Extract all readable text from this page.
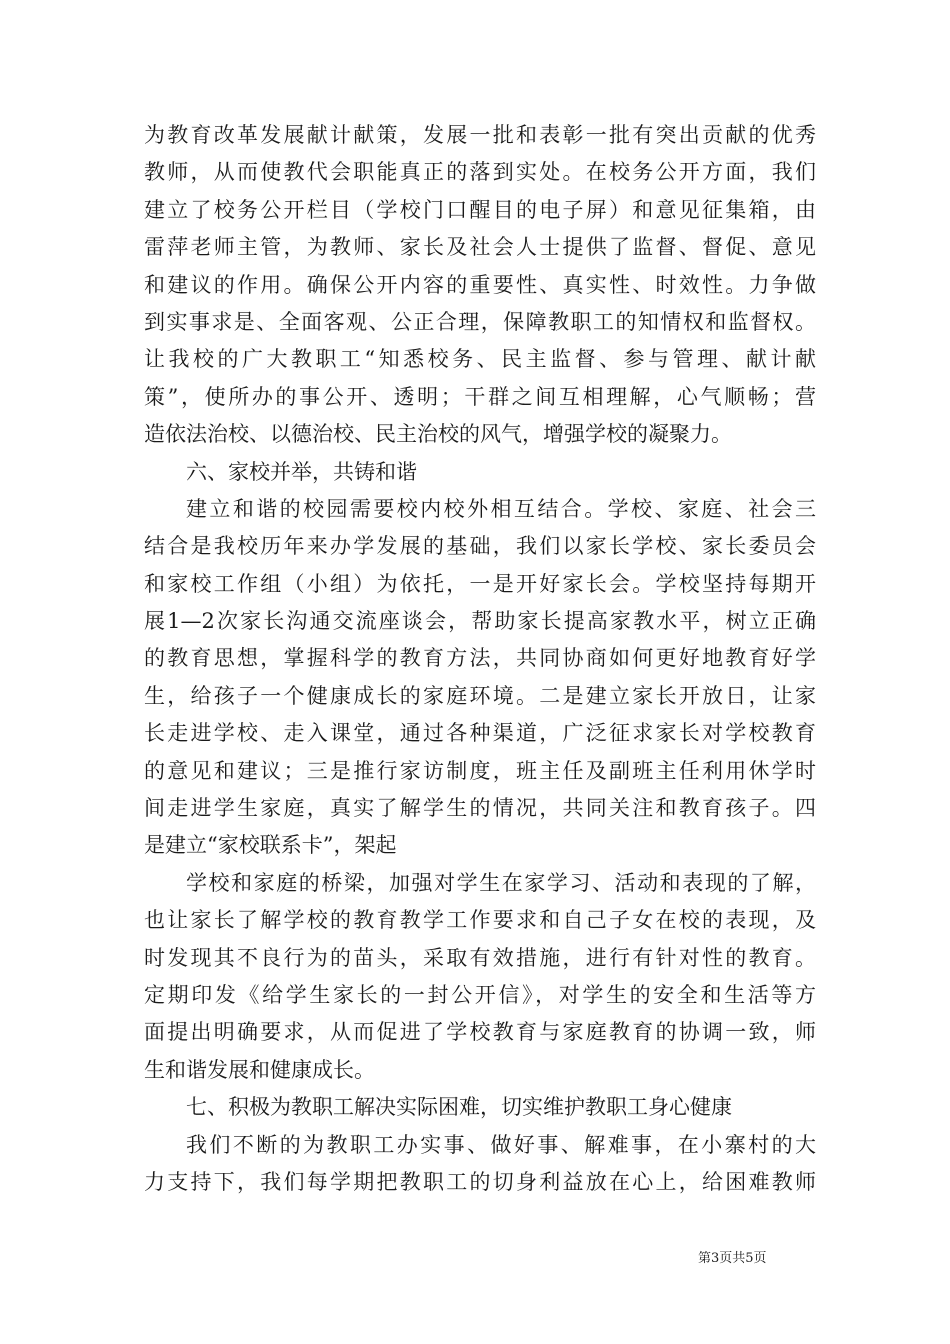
为教育改革发展献计献策，发展一批和表彰一批有突出贡献的优秀
教师，从而使教代会职能真正的落到实处。在校务公开方面，我们
建立了校务公开栏目（学校门口醒目的电子屏）和意见征集箱，由
雷萍老师主管，为教师、家长及社会人士提供了监督、督促、意见
和建议的作用。确保公开内容的重要性、真实性、时效性。力争做
到实事求是、全面客观、公正合理，保障教职工的知情权和监督权。
让我校的广大教职工“知悉校务、民主监督、参与管理、献计献
策”，使所办的事公开、透明；干群之间互相理解，心气顺畅；营
造依法治校、以德治校、民主治校的风气，增强学校的凝聚力。
六、家校并举，共铸和谐
建立和谐的校园需要校内校外相互结合。学校、家庭、社会三
结合是我校历年来办学发展的基础，我们以家长学校、家长委员会
和家校工作组（小组）为依托，一是开好家长会。学校坚持每期开
展1—2次家长沟通交流座谈会，帮助家长提高家教水平，树立正确
的教育思想，掌握科学的教育方法，共同协商如何更好地教育好学
生，给孩子一个健康成长的家庭环境。二是建立家长开放日，让家
长走进学校、走入课堂，通过各种渠道，广泛征求家长对学校教育
的意见和建议；三是推行家访制度，班主任及副班主任利用休学时
间走进学生家庭，真实了解学生的情况，共同关注和教育孩子。四
是建立“家校联系卡”，架起
学校和家庭的桥梁，加强对学生在家学习、活动和表现的了解，
也让家长了解学校的教育教学工作要求和自己子女在校的表现，及
时发现其不良行为的苗头，采取有效措施，进行有针对性的教育。
定期印发《给学生家长的一封公开信》，对学生的安全和生活等方
面提出明确要求，从而促进了学校教育与家庭教育的协调一致，师
生和谐发展和健康成长。
七、积极为教职工解决实际困难，切实维护教职工身心健康
我们不断的为教职工办实事、做好事、解难事，在小寨村的大
力支持下，我们每学期把教职工的切身利益放在心上，给困难教师
第3页共5页
